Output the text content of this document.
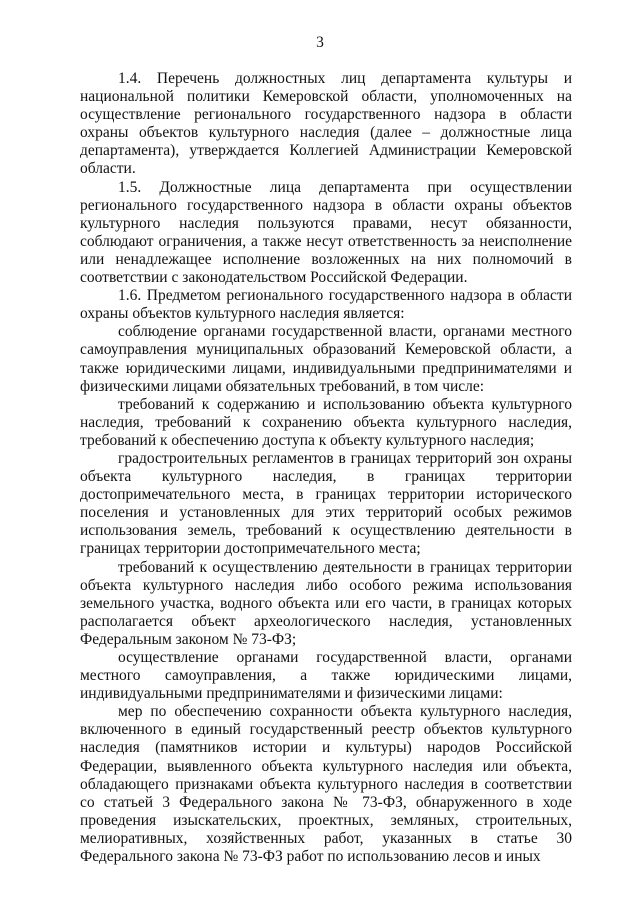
3

1.4. Перечень должностных лиц департамента культуры и национальной политики Кемеровской области, уполномоченных на осуществление регионального государственного надзора в области охраны объектов культурного наследия (далее – должностные лица департамента), утверждается Коллегией Администрации Кемеровской области.

1.5. Должностные лица департамента при осуществлении регионального государственного надзора в области охраны объектов культурного наследия пользуются правами, несут обязанности, соблюдают ограничения, а также несут ответственность за неисполнение или ненадлежащее исполнение возложенных на них полномочий в соответствии с законодательством Российской Федерации.

1.6. Предметом регионального государственного надзора в области охраны объектов культурного наследия является:

соблюдение органами государственной власти, органами местного самоуправления муниципальных образований Кемеровской области, а также юридическими лицами, индивидуальными предпринимателями и физическими лицами обязательных требований, в том числе:

требований к содержанию и использованию объекта культурного наследия, требований к сохранению объекта культурного наследия, требований к обеспечению доступа к объекту культурного наследия;

градостроительных регламентов в границах территорий зон охраны объекта культурного наследия, в границах территории достопримечательного места, в границах территории исторического поселения и установленных для этих территорий особых режимов использования земель, требований к осуществлению деятельности в границах территории достопримечательного места;

требований к осуществлению деятельности в границах территории объекта культурного наследия либо особого режима использования земельного участка, водного объекта или его части, в границах которых располагается объект археологического наследия, установленных Федеральным законом № 73-ФЗ;

осуществление органами государственной власти, органами местного самоуправления, а также юридическими лицами, индивидуальными предпринимателями и физическими лицами:

мер по обеспечению сохранности объекта культурного наследия, включенного в единый государственный реестр объектов культурного наследия (памятников истории и культуры) народов Российской Федерации, выявленного объекта культурного наследия или объекта, обладающего признаками объекта культурного наследия в соответствии со статьей 3 Федерального закона № 73-ФЗ, обнаруженного в ходе проведения изыскательских, проектных, земляных, строительных, мелиоративных, хозяйственных работ, указанных в статье 30 Федерального закона № 73-ФЗ работ по использованию лесов и иных
